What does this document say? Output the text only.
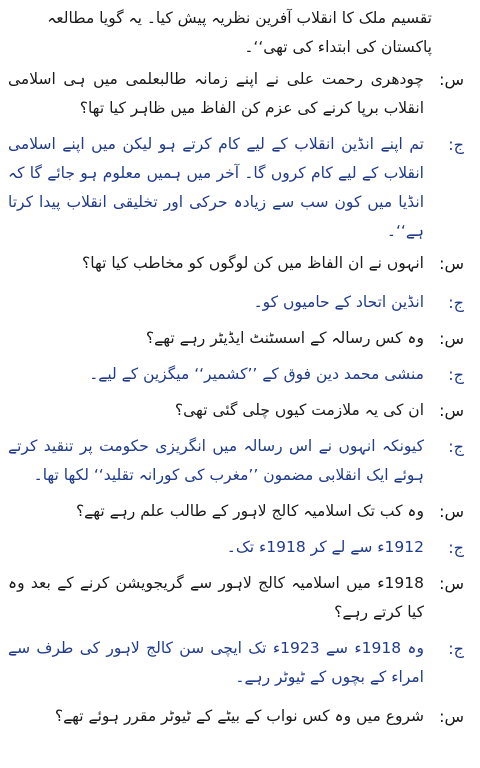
تقسیم ملک کا انقلاب آفرین نظریہ پیش کیا۔ یہ گویا مطالعہ پاکستان کی ابتداء کی تھی‘‘۔

س:

چودھری رحمت علی نے اپنے زمانہ طالبعلمی میں ہی اسلامی انقلاب برپا کرنے کی عزم کن الفاظ میں ظاہر کیا تھا؟

ج:

تم اپنے انڈین انقلاب کے لیے کام کرتے ہو لیکن میں اپنے اسلامی انقلاب کے لیے کام کروں گا۔ آخر میں ہمیں معلوم ہو جائے گا کہ انڈیا میں کون سب سے زیادہ حرکی اور تخلیقی انقلاب پیدا کرتا ہے‘‘۔

س:

انہوں نے ان الفاظ میں کن لوگوں کو مخاطب کیا تھا؟

ج:

انڈین اتحاد کے حامیوں کو۔

س:

وہ کس رسالہ کے اسسٹنٹ ایڈیٹر رہے تھے؟

ج:

منشی محمد دین فوق کے ’’کشمیر‘‘ میگزین کے لیے۔

س:

ان کی یہ ملازمت کیوں چلی گئی تھی؟

ج:

کیونکہ انہوں نے اس رسالہ میں انگریزی حکومت پر تنقید کرتے ہوئے ایک انقلابی مضمون ’’مغرب کی کورانہ تقلید‘‘ لکھا تھا۔

س:

وہ کب تک اسلامیہ کالج لاہور کے طالب علم رہے تھے؟

ج:

1912ء سے لے کر 1918ء تک۔

س:

1918ء میں اسلامیہ کالج لاہور سے گریجویشن کرنے کے بعد وہ کیا کرتے رہے؟

ج:

وہ 1918ء سے 1923ء تک ایچی سن کالج لاہور کی طرف سے امراء کے بچوں کے ٹیوٹر رہے۔

س:

شروع میں وہ کس نواب کے بیٹے کے ٹیوٹر مقرر ہوئے تھے؟
